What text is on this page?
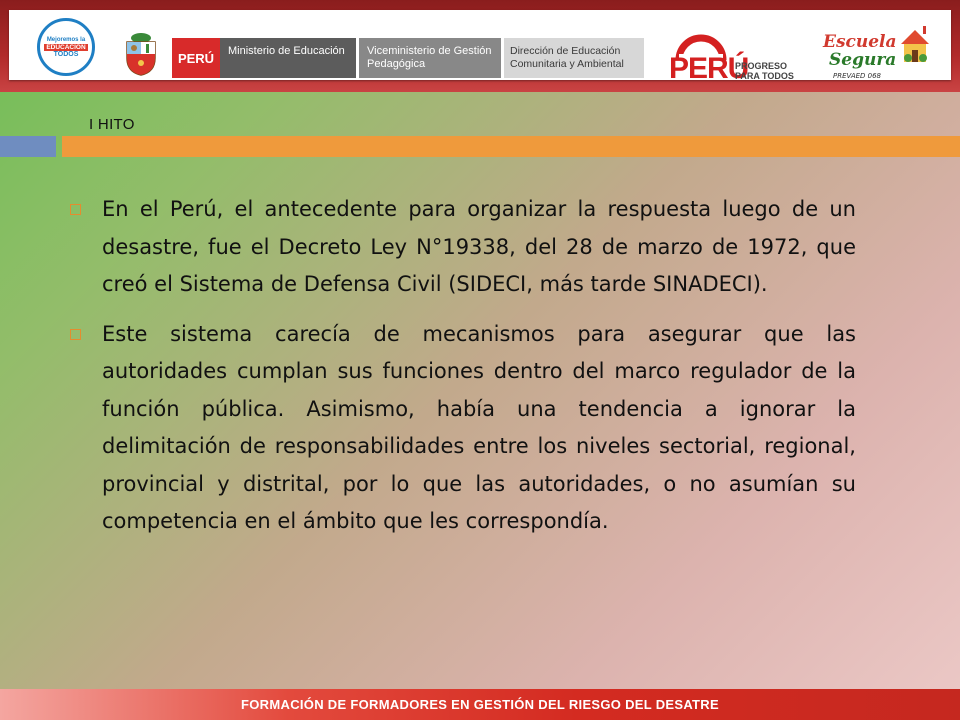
Mejoremos la
EDUCACIÓN
TODOS	PERÚ	Ministerio de Educación	Viceministerio de Gestión Pedagógica
Dirección de Educación Comunitaria y Ambiental	PERÚ
PROGRESO PARA TODOS
Escuela
Segura
PREVAED 068
I HITO
En el Perú, el antecedente para organizar la respuesta luego de un desastre, fue el Decreto Ley N°19338, del 28 de marzo de 1972, que creó el Sistema de Defensa Civil (SIDECI, más tarde SINADECI).
Este sistema carecía de mecanismos para asegurar que las autoridades cumplan sus funciones dentro del marco regulador de la función pública. Asimismo, había una tendencia a ignorar la delimitación de responsabilidades entre los niveles sectorial, regional, provincial y distrital, por lo que las autoridades, o no asumían su competencia en el ámbito que les correspondía.
FORMACIÓN DE FORMADORES EN GESTIÓN DEL RIESGO DEL DESATRE
